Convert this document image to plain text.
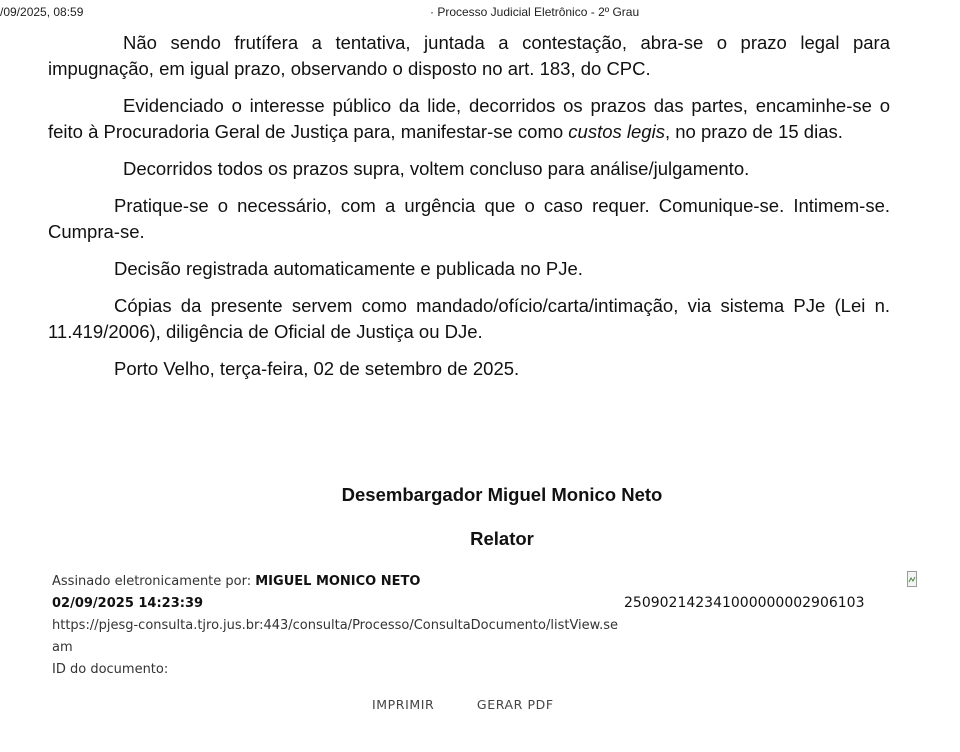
/09/2025, 08:59	· Processo Judicial Eletrônico - 2º Grau

Não sendo frutífera a tentativa, juntada a contestação, abra-se o prazo legal para impugnação, em igual prazo, observando o disposto no art. 183, do CPC.

Evidenciado o interesse público da lide, decorridos os prazos das partes, encaminhe-se o feito à Procuradoria Geral de Justiça para, manifestar-se como custos legis, no prazo de 15 dias.

Decorridos todos os prazos supra, voltem concluso para análise/julgamento.

Pratique-se o necessário, com a urgência que o caso requer. Comunique-se. Intimem-se. Cumpra-se.

Decisão registrada automaticamente e publicada no PJe.

Cópias da presente servem como mandado/ofício/carta/intimação, via sistema PJe (Lei n. 11.419/2006), diligência de Oficial de Justiça ou DJe.

Porto Velho, terça-feira, 02 de setembro de 2025.

Desembargador Miguel Monico Neto
Relator
Assinado eletronicamente por: MIGUEL MONICO NETO
02/09/2025 14:23:39
https://pjesg-consulta.tjro.jus.br:443/consulta/Processo/ConsultaDocumento/listView.seam
ID do documento:
250902142341000000002906103
IMPRIMIR	GERAR PDF
